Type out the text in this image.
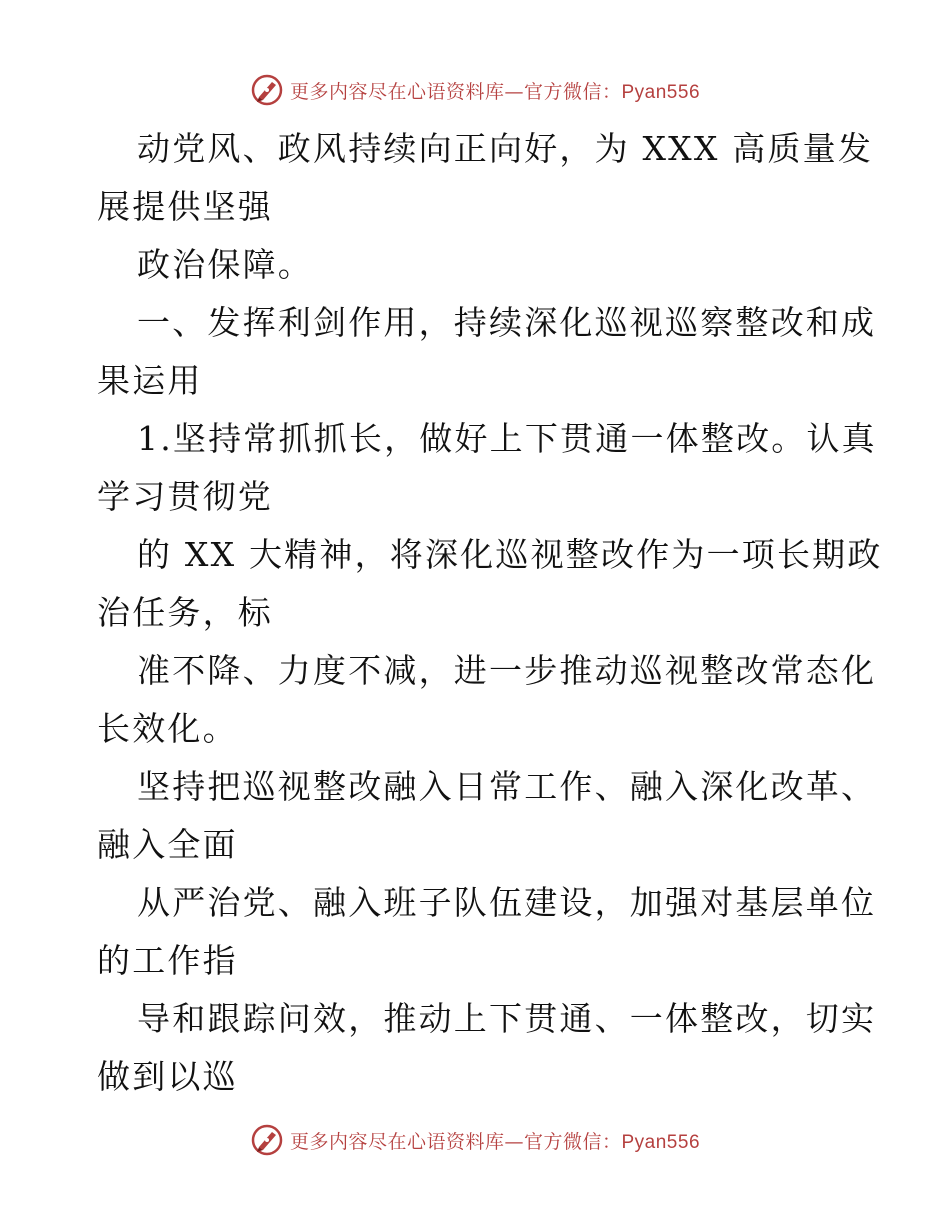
更多内容尽在心语资料库—官方微信：Pyan556
动党风、政风持续向正向好，为 XXX 高质量发
展提供坚强
政治保障。
一、发挥利剑作用，持续深化巡视巡察整改和成
果运用
1.坚持常抓抓长，做好上下贯通一体整改。认真
学习贯彻党
的 XX 大精神，将深化巡视整改作为一项长期政
治任务，标
准不降、力度不减，进一步推动巡视整改常态化
长效化。
坚持把巡视整改融入日常工作、融入深化改革、
融入全面
从严治党、融入班子队伍建设，加强对基层单位
的工作指
导和跟踪问效，推动上下贯通、一体整改，切实
做到以巡
更多内容尽在心语资料库—官方微信：Pyan556
